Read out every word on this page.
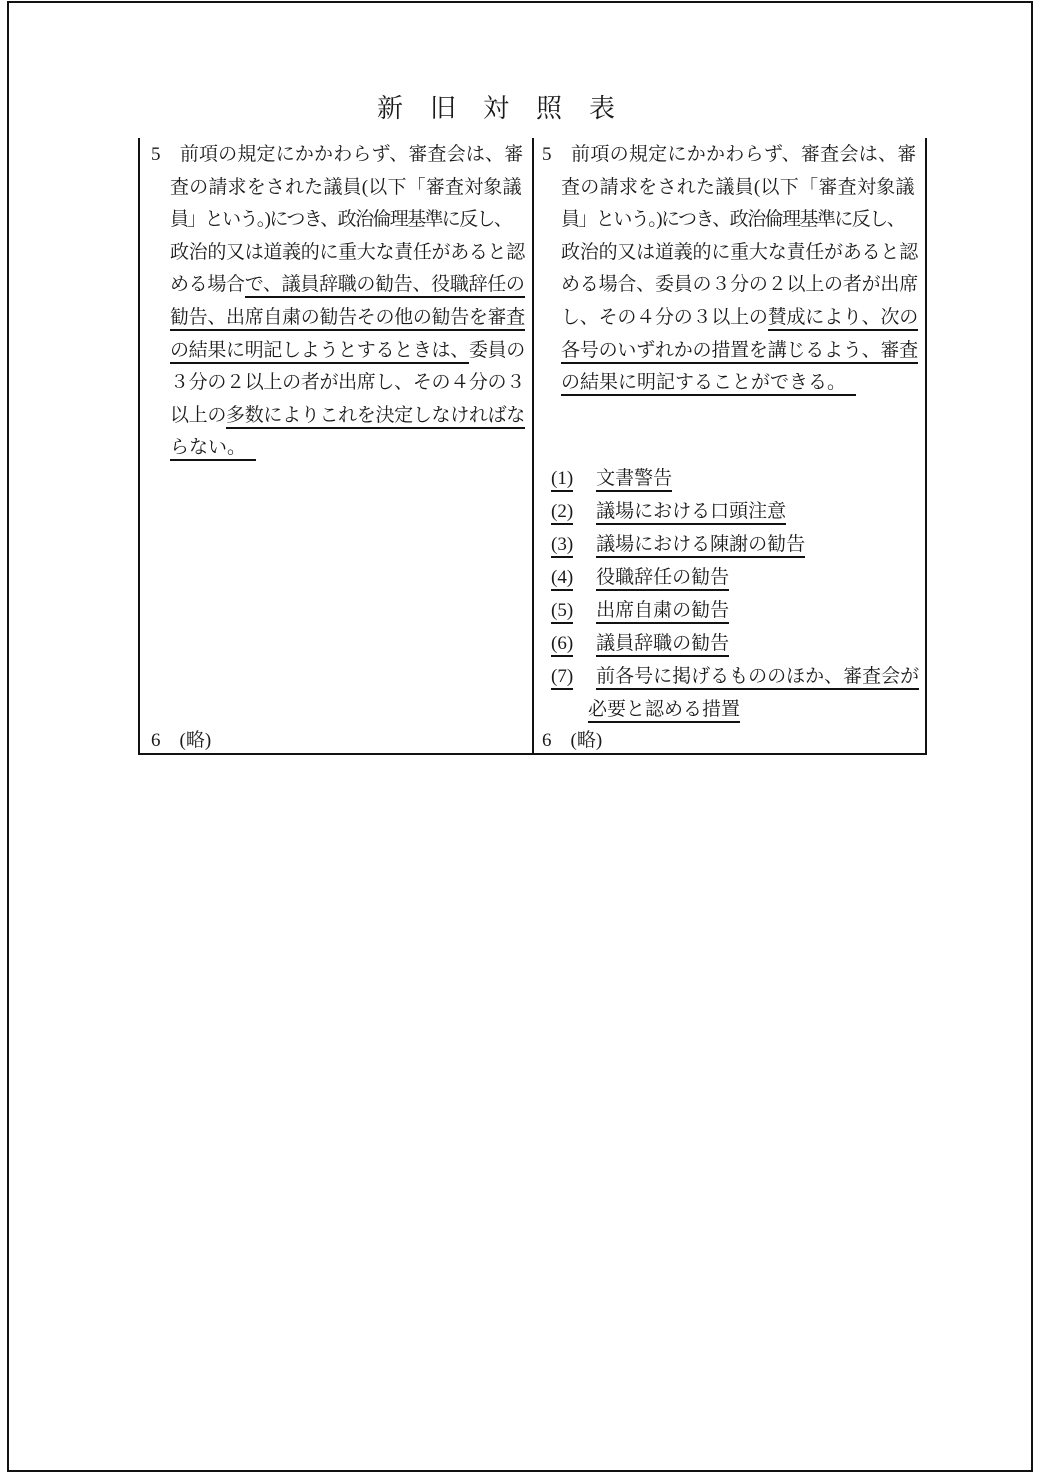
新　旧　対　照　表
5　前項の規定にかかわらず、審査会は、審
査の請求をされた議員(以下「審査対象議
員」という。)につき、政治倫理基準に反し、
政治的又は道義的に重大な責任があると認
める場合で、議員辞職の勧告、役職辞任の
勧告、出席自粛の勧告その他の勧告を審査
の結果に明記しようとするときは、委員の
３分の２以上の者が出席し、その４分の３
以上の多数によりこれを決定しなければな
らない。　
5　前項の規定にかかわらず、審査会は、審
査の請求をされた議員(以下「審査対象議
員」という。)につき、政治倫理基準に反し、
政治的又は道義的に重大な責任があると認
める場合、委員の３分の２以上の者が出席
し、その４分の３以上の賛成により、次の
各号のいずれかの措置を講じるよう、審査
の結果に明記することができる。　
(1) 文書警告
(2) 議場における口頭注意
(3) 議場における陳謝の勧告
(4) 役職辞任の勧告
(5) 出席自粛の勧告
(6) 議員辞職の勧告
(7) 前各号に掲げるもののほか、審査会が
必要と認める措置
6　(略)	6　(略)
